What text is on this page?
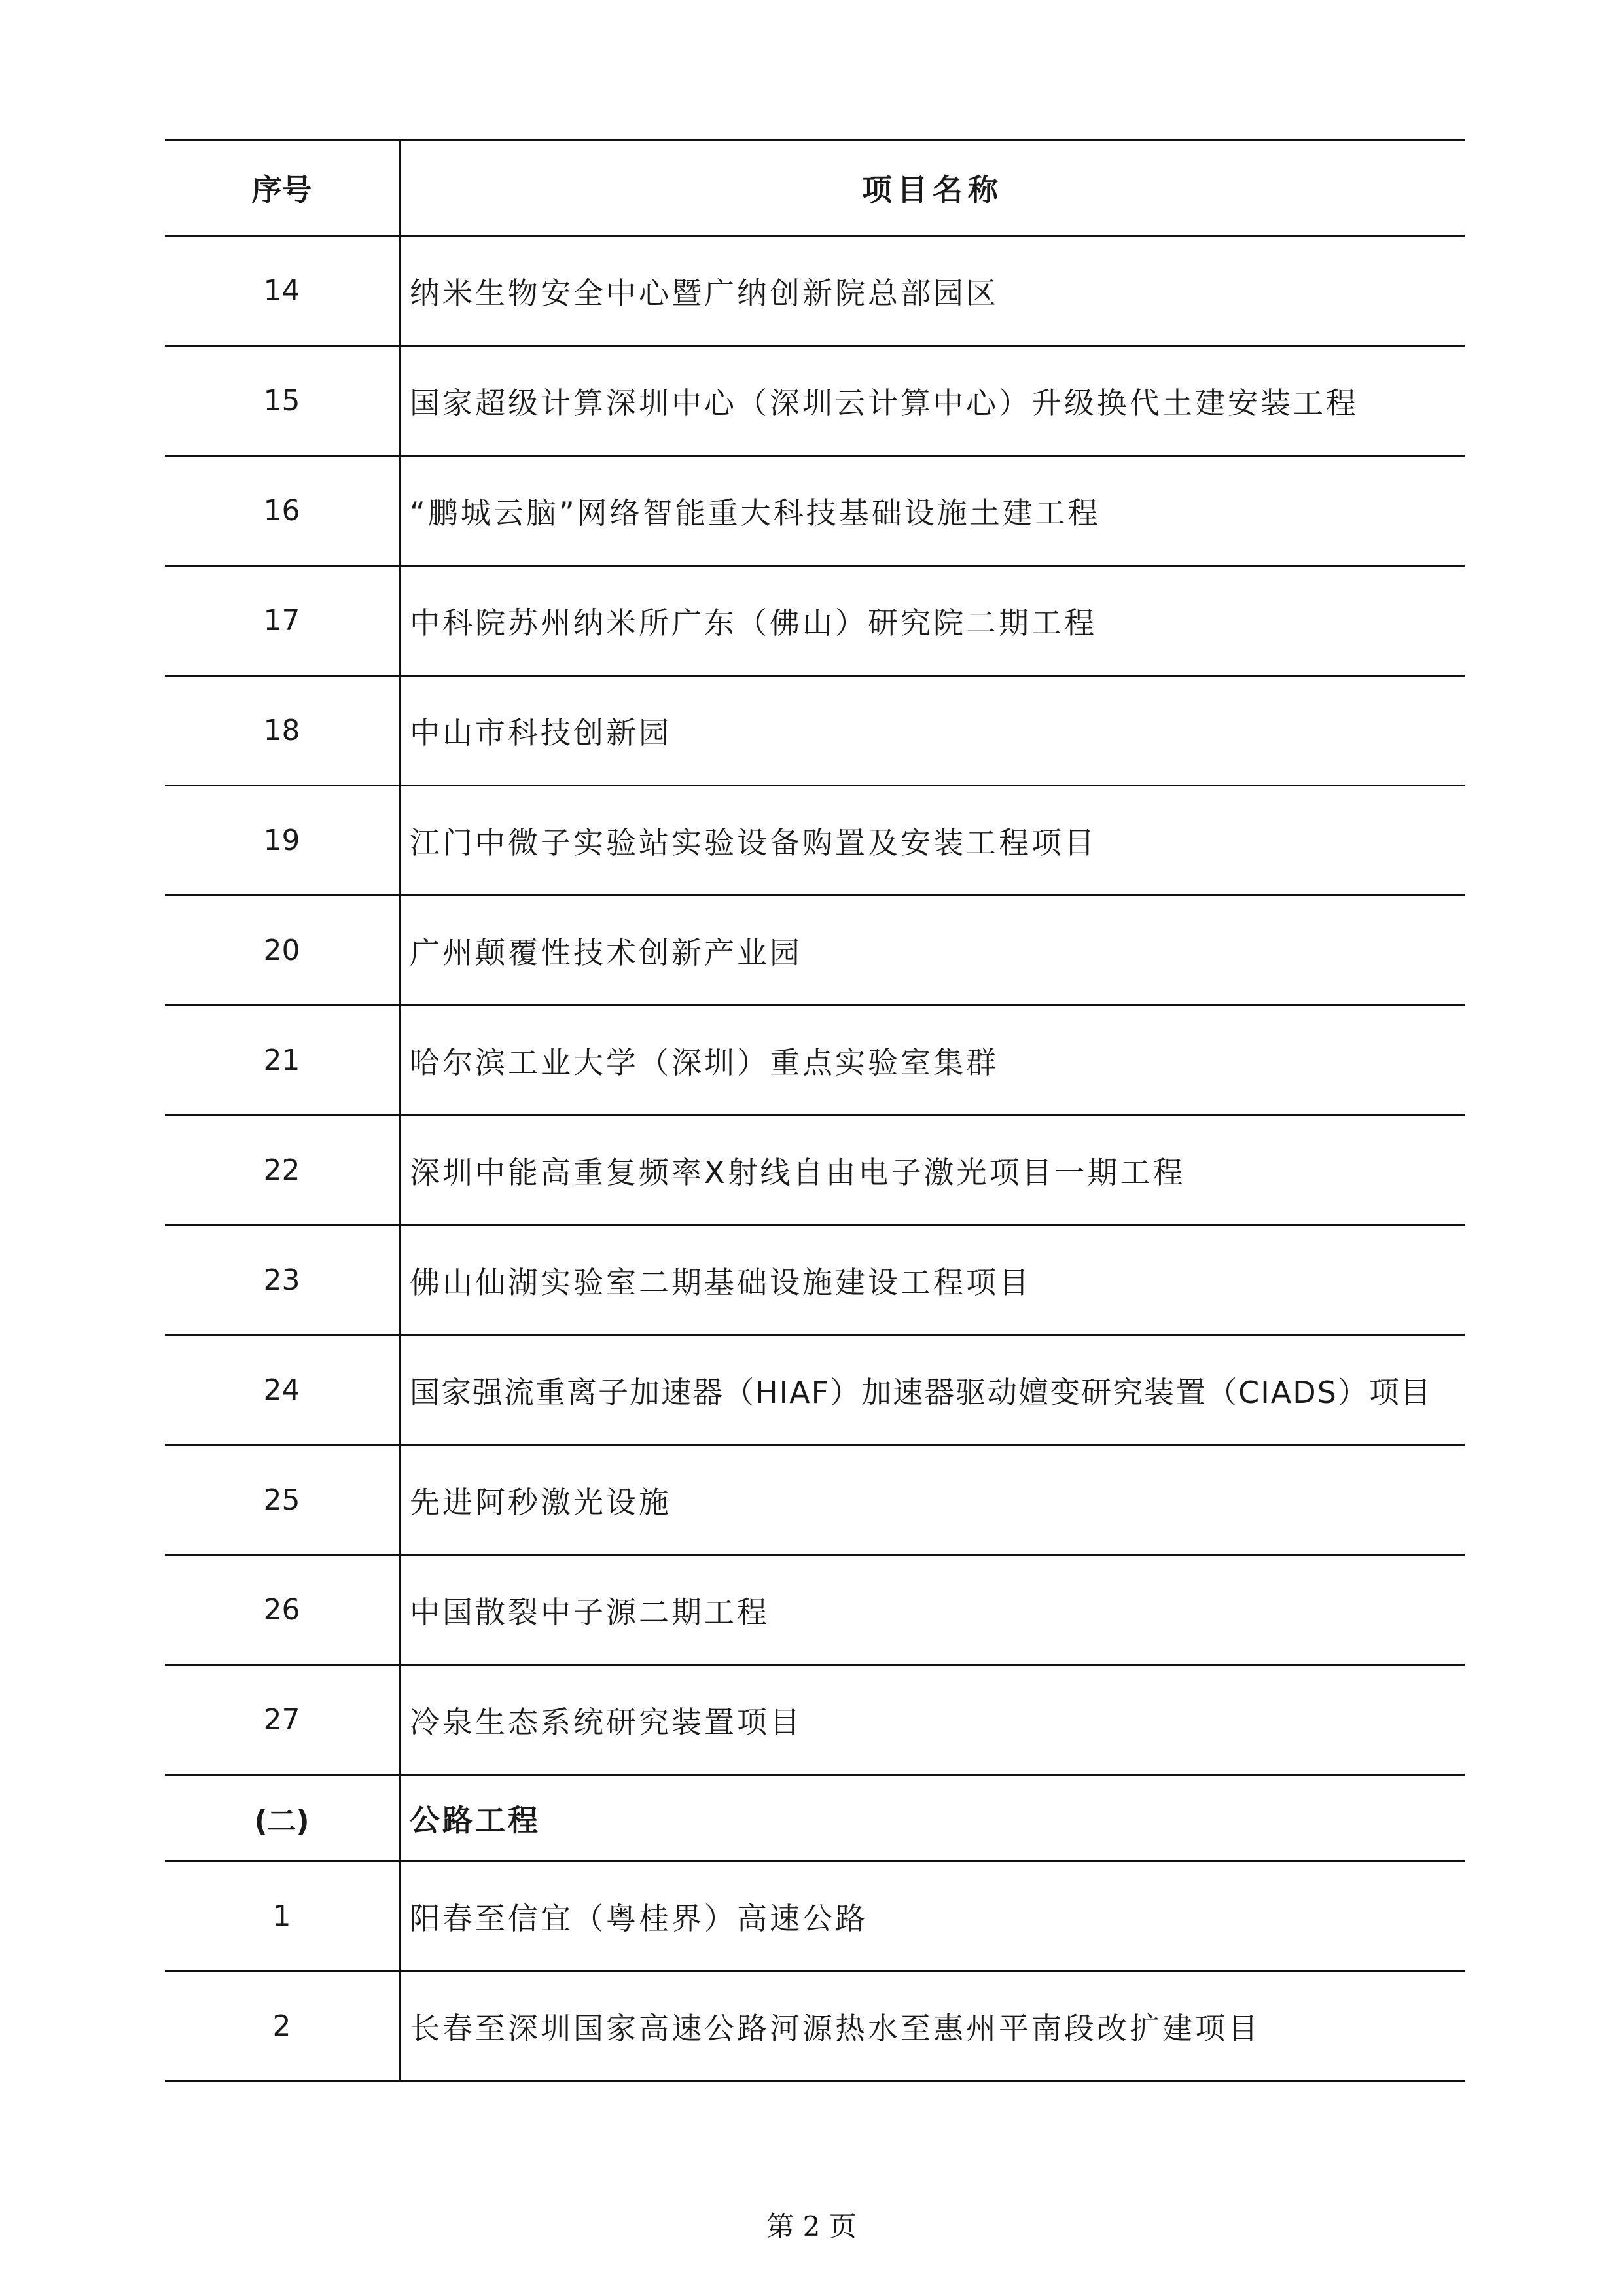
序号	项目名称
14	纳米生物安全中心暨广纳创新院总部园区
15	国家超级计算深圳中心（深圳云计算中心）升级换代土建安装工程
16	“鹏城云脑”网络智能重大科技基础设施土建工程
17	中科院苏州纳米所广东（佛山）研究院二期工程
18	中山市科技创新园
19	江门中微子实验站实验设备购置及安装工程项目
20	广州颠覆性技术创新产业园
21	哈尔滨工业大学（深圳）重点实验室集群
22	深圳中能高重复频率X射线自由电子激光项目一期工程
23	佛山仙湖实验室二期基础设施建设工程项目
24	国家强流重离子加速器（HIAF）加速器驱动嬗变研究装置（CIADS）项目
25	先进阿秒激光设施
26	中国散裂中子源二期工程
27	冷泉生态系统研究装置项目
(二)	公路工程
1	阳春至信宜（粤桂界）高速公路
2	长春至深圳国家高速公路河源热水至惠州平南段改扩建项目
第 2 页
